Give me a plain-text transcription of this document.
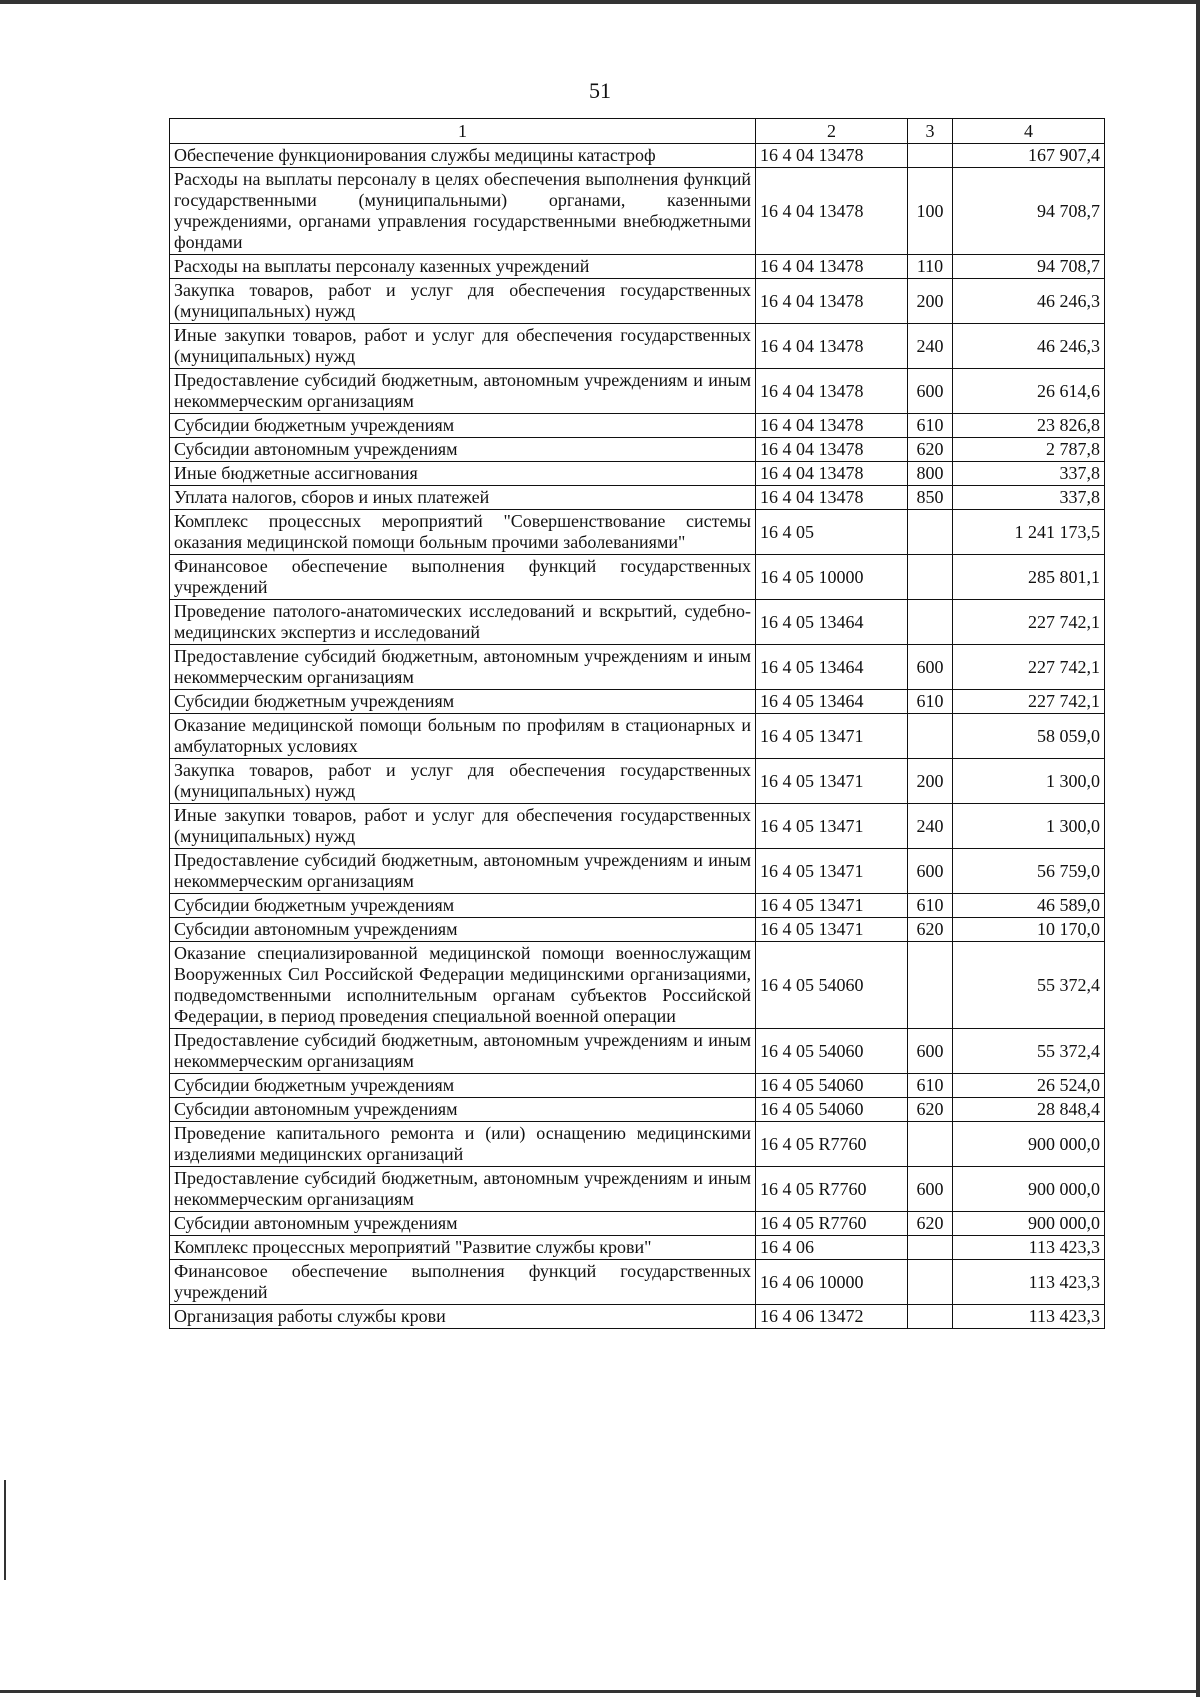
51
1	2	3	4
Обеспечение функционирования службы медицины катастроф	16 4 04 13478		167 907,4
Расходы на выплаты персоналу в целях обеспечения выполнения функций государственными (муниципальными) органами, казенными учреждениями, органами управления государственными внебюджетными фондами	16 4 04 13478	100	94 708,7
Расходы на выплаты персоналу казенных учреждений	16 4 04 13478	110	94 708,7
Закупка товаров, работ и услуг для обеспечения государственных (муниципальных) нужд	16 4 04 13478	200	46 246,3
Иные закупки товаров, работ и услуг для обеспечения государственных (муниципальных) нужд	16 4 04 13478	240	46 246,3
Предоставление субсидий бюджетным, автономным учреждениям и иным некоммерческим организациям	16 4 04 13478	600	26 614,6
Субсидии бюджетным учреждениям	16 4 04 13478	610	23 826,8
Субсидии автономным учреждениям	16 4 04 13478	620	2 787,8
Иные бюджетные ассигнования	16 4 04 13478	800	337,8
Уплата налогов, сборов и иных платежей	16 4 04 13478	850	337,8
Комплекс процессных мероприятий "Совершенствование системы оказания медицинской помощи больным прочими заболеваниями"	16 4 05		1 241 173,5
Финансовое обеспечение выполнения функций государственных учреждений	16 4 05 10000		285 801,1
Проведение патолого-анатомических исследований и вскрытий, судебно-медицинских экспертиз и исследований	16 4 05 13464		227 742,1
Предоставление субсидий бюджетным, автономным учреждениям и иным некоммерческим организациям	16 4 05 13464	600	227 742,1
Субсидии бюджетным учреждениям	16 4 05 13464	610	227 742,1
Оказание медицинской помощи больным по профилям в стационарных и амбулаторных условиях	16 4 05 13471		58 059,0
Закупка товаров, работ и услуг для обеспечения государственных (муниципальных) нужд	16 4 05 13471	200	1 300,0
Иные закупки товаров, работ и услуг для обеспечения государственных (муниципальных) нужд	16 4 05 13471	240	1 300,0
Предоставление субсидий бюджетным, автономным учреждениям и иным некоммерческим организациям	16 4 05 13471	600	56 759,0
Субсидии бюджетным учреждениям	16 4 05 13471	610	46 589,0
Субсидии автономным учреждениям	16 4 05 13471	620	10 170,0
Оказание специализированной медицинской помощи военнослужащим Вооруженных Сил Российской Федерации медицинскими организациями, подведомственными исполнительным органам субъектов Российской Федерации, в период проведения специальной военной операции	16 4 05 54060		55 372,4
Предоставление субсидий бюджетным, автономным учреждениям и иным некоммерческим организациям	16 4 05 54060	600	55 372,4
Субсидии бюджетным учреждениям	16 4 05 54060	610	26 524,0
Субсидии автономным учреждениям	16 4 05 54060	620	28 848,4
Проведение капитального ремонта и (или) оснащению медицинскими изделиями медицинских организаций	16 4 05 R7760		900 000,0
Предоставление субсидий бюджетным, автономным учреждениям и иным некоммерческим организациям	16 4 05 R7760	600	900 000,0
Субсидии автономным учреждениям	16 4 05 R7760	620	900 000,0
Комплекс процессных мероприятий "Развитие службы крови"	16 4 06		113 423,3
Финансовое обеспечение выполнения функций государственных учреждений	16 4 06 10000		113 423,3
Организация работы службы крови	16 4 06 13472		113 423,3
